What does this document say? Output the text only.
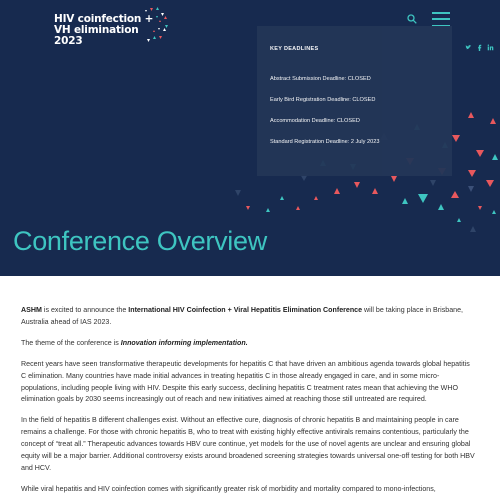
HIV coinfection +
VH elimination
2023
KEY DEADLINES
Abstract Submission Deadline: CLOSED
Early Bird Registration Deadline: CLOSED
Accommodation Deadline: CLOSED
Standard Registration Deadline: 2 July 2023
Conference Overview

ASHM is excited to announce the International HIV Coinfection + Viral Hepatitis Elimination Conference will be taking place in Brisbane, Australia ahead of IAS 2023.

The theme of the conference is Innovation informing implementation.

Recent years have seen transformative therapeutic developments for hepatitis C that have driven an ambitious agenda towards global hepatitis C elimination. Many countries have made initial advances in treating hepatitis C in those already engaged in care, and in some micro-populations, including people living with HIV. Despite this early success, declining hepatitis C treatment rates mean that achieving the WHO elimination goals by 2030 seems increasingly out of reach and new initiatives aimed at reaching those still untreated are required.

In the field of hepatitis B different challenges exist. Without an effective cure, diagnosis of chronic hepatitis B and maintaining people in care remains a challenge. For those with chronic hepatitis B, who to treat with existing highly effective antivirals remains contentious, particularly the concept of “treat all.” Therapeutic advances towards HBV cure continue, yet models for the use of novel agents are unclear and ensuring global equity will be a major barrier. Additional controversy exists around broadened screening strategies towards universal one-off testing for both HBV and HCV.

While viral hepatitis and HIV coinfection comes with significantly greater risk of morbidity and mortality compared to mono-infections,
